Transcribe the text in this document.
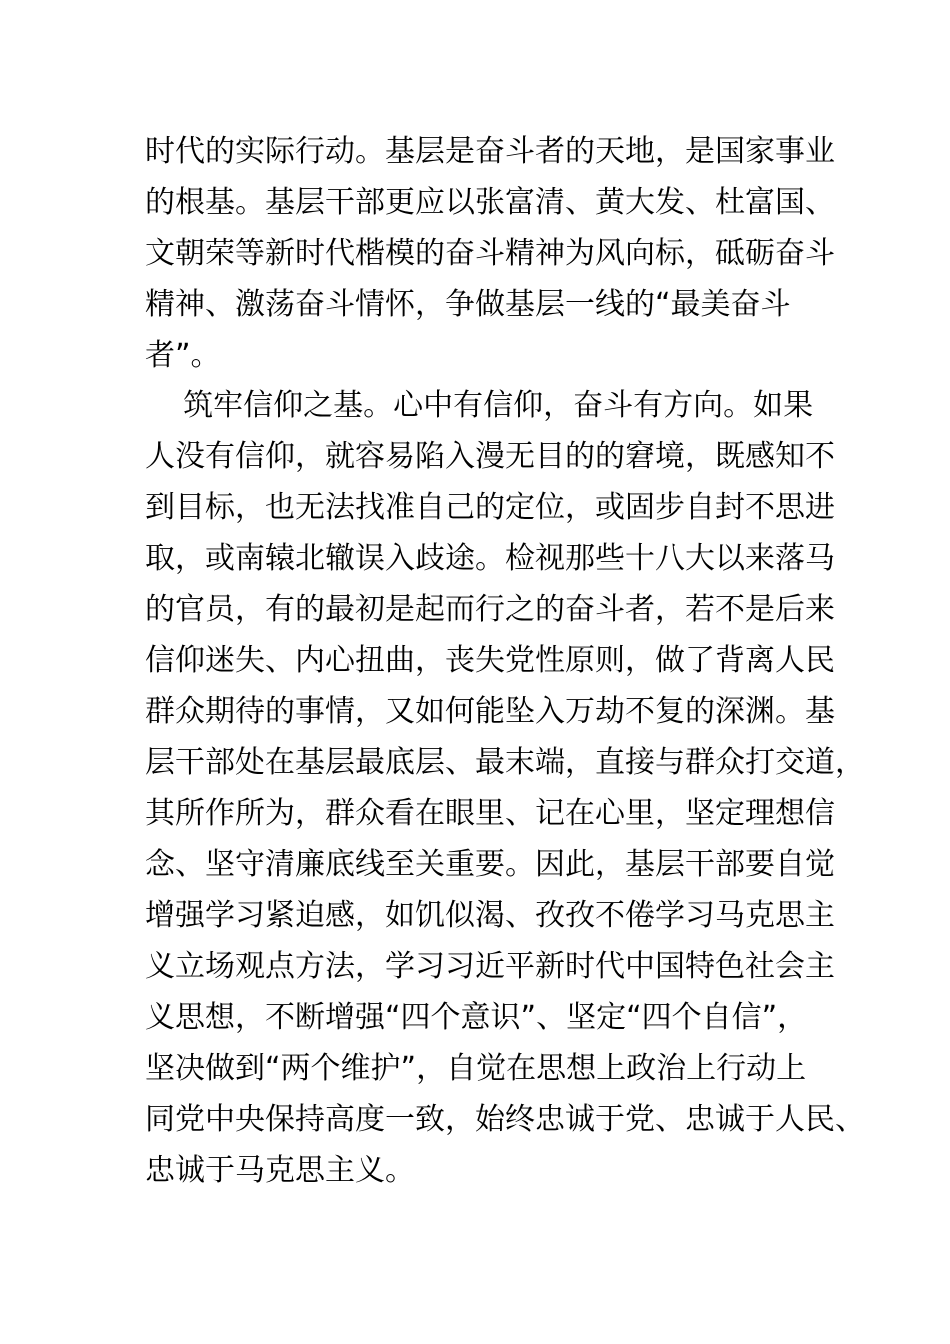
时代的实际行动。基层是奋斗者的天地，是国家事业
的根基。基层干部更应以张富清、黄大发、杜富国、
文朝荣等新时代楷模的奋斗精神为风向标，砥砺奋斗
精神、激荡奋斗情怀，争做基层一线的“最美奋斗
者”。
筑牢信仰之基。心中有信仰，奋斗有方向。如果
人没有信仰，就容易陷入漫无目的的窘境，既感知不
到目标，也无法找准自己的定位，或固步自封不思进
取，或南辕北辙误入歧途。检视那些十八大以来落马
的官员，有的最初是起而行之的奋斗者，若不是后来
信仰迷失、内心扭曲，丧失党性原则，做了背离人民
群众期待的事情，又如何能坠入万劫不复的深渊。基
层干部处在基层最底层、最末端，直接与群众打交道，
其所作所为，群众看在眼里、记在心里，坚定理想信
念、坚守清廉底线至关重要。因此，基层干部要自觉
增强学习紧迫感，如饥似渴、孜孜不倦学习马克思主
义立场观点方法，学习习近平新时代中国特色社会主
义思想，不断增强“四个意识”、坚定“四个自信”，
坚决做到“两个维护”，自觉在思想上政治上行动上
同党中央保持高度一致，始终忠诚于党、忠诚于人民、
忠诚于马克思主义。
